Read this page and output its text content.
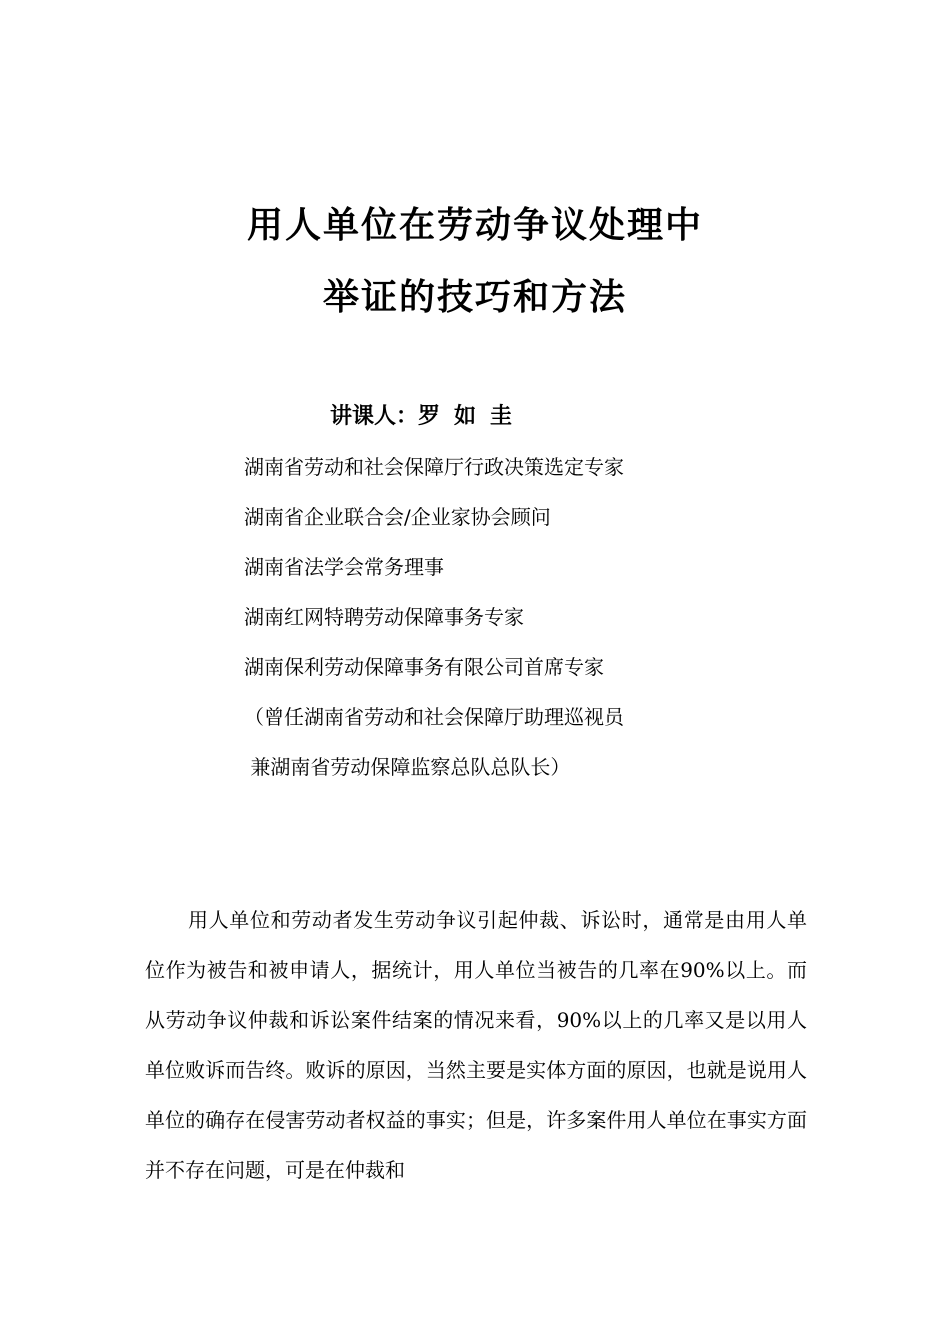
用人单位在劳动争议处理中
举证的技巧和方法
讲课人：罗如圭
湖南省劳动和社会保障厅行政决策选定专家
湖南省企业联合会/企业家协会顾问
湖南省法学会常务理事
湖南红网特聘劳动保障事务专家
湖南保利劳动保障事务有限公司首席专家
（曾任湖南省劳动和社会保障厅助理巡视员
兼湖南省劳动保障监察总队总队长）

用人单位和劳动者发生劳动争议引起仲裁、诉讼时，通常是由用人单位作为被告和被申请人，据统计，用人单位当被告的几率在90%以上。而从劳动争议仲裁和诉讼案件结案的情况来看，90%以上的几率又是以用人单位败诉而告终。败诉的原因，当然主要是实体方面的原因，也就是说用人单位的确存在侵害劳动者权益的事实；但是，许多案件用人单位在事实方面并不存在问题，可是在仲裁和
